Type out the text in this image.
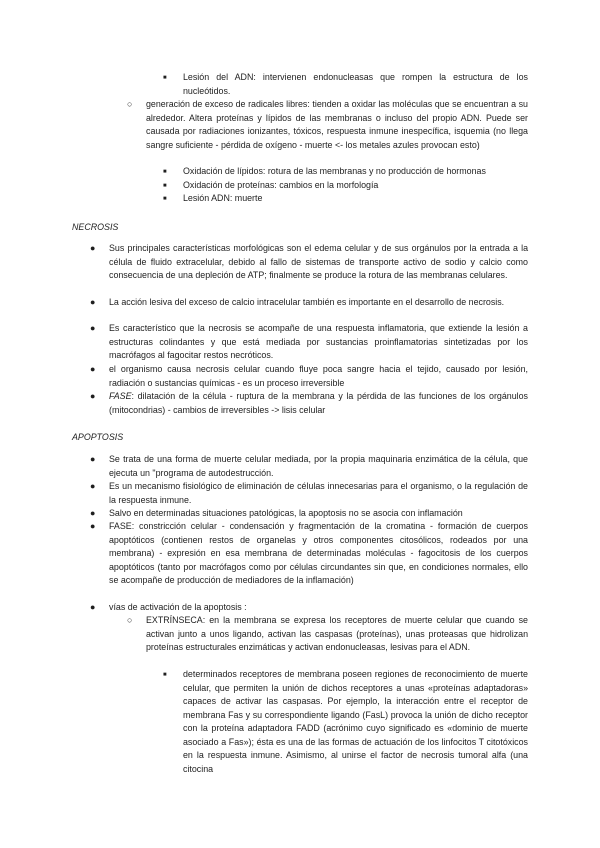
■ Lesión del ADN: intervienen endonucleasas que rompen la estructura de los nucleótidos.

○ generación de exceso de radicales libres: tienden a oxidar las moléculas que se encuentran a su alrededor. Altera proteínas y lípidos de las membranas o incluso del propio ADN. Puede ser causada por radiaciones ionizantes, tóxicos, respuesta inmune inespecífica, isquemia (no llega sangre suficiente - pérdida de oxígeno - muerte <- los metales azules provocan esto)

■ Oxidación de lípidos: rotura de las membranas y no producción de hormonas

■ Oxidación de proteínas: cambios en la morfología

■ Lesión ADN: muerte

NECROSIS

● Sus principales características morfológicas son el edema celular y de sus orgánulos por la entrada a la célula de fluido extracelular, debido al fallo de sistemas de transporte activo de sodio y calcio como consecuencia de una depleción de ATP; finalmente se produce la rotura de las membranas celulares.

● La acción lesiva del exceso de calcio intracelular también es importante en el desarrollo de necrosis.

● Es característico que la necrosis se acompañe de una respuesta inflamatoria, que extiende la lesión a estructuras colindantes y que está mediada por sustancias proinflamatorias sintetizadas por los macrófagos al fagocitar restos necróticos.

● el organismo causa necrosis celular cuando fluye poca sangre hacia el tejido, causado por lesión, radiación o sustancias químicas - es un proceso irreversible

● FASE: dilatación de la célula - ruptura de la membrana y la pérdida de las funciones de los orgánulos (mitocondrias) - cambios de irreversibles -> lisis celular

APOPTOSIS

● Se trata de una forma de muerte celular mediada, por la propia maquinaria enzimática de la célula, que ejecuta un "programa de autodestrucción.

● Es un mecanismo fisiológico de eliminación de células innecesarias para el organismo, o la regulación de la respuesta inmune.

● Salvo en determinadas situaciones patológicas, la apoptosis no se asocia con inflamación

● FASE: constricción celular - condensación y fragmentación de la cromatina - formación de cuerpos apoptóticos (contienen restos de organelas y otros componentes citosólicos, rodeados por una membrana) - expresión en esa membrana de determinadas moléculas - fagocitosis de los cuerpos apoptóticos (tanto por macrófagos como por células circundantes sin que, en condiciones normales, ello se acompañe de producción de mediadores de la inflamación)

● vías de activación de la apoptosis :

○ EXTRÍNSECA: en la membrana se expresa los receptores de muerte celular que cuando se activan junto a unos ligando, activan las caspasas (proteínas), unas proteasas que hidrolizan proteínas estructurales enzimáticas y activan endonucleasas, lesivas para el ADN.

■ determinados receptores de membrana poseen regiones de reconocimiento de muerte celular, que permiten la unión de dichos receptores a unas «proteínas adaptadoras» capaces de activar las caspasas. Por ejemplo, la interacción entre el receptor de membrana Fas y su correspondiente ligando (FasL) provoca la unión de dicho receptor con la proteína adaptadora FADD (acrónimo cuyo significado es «dominio de muerte asociado a Fas»); ésta es una de las formas de actuación de los linfocitos T citotóxicos en la respuesta inmune. Asimismo, al unirse el factor de necrosis tumoral alfa (una citocina
